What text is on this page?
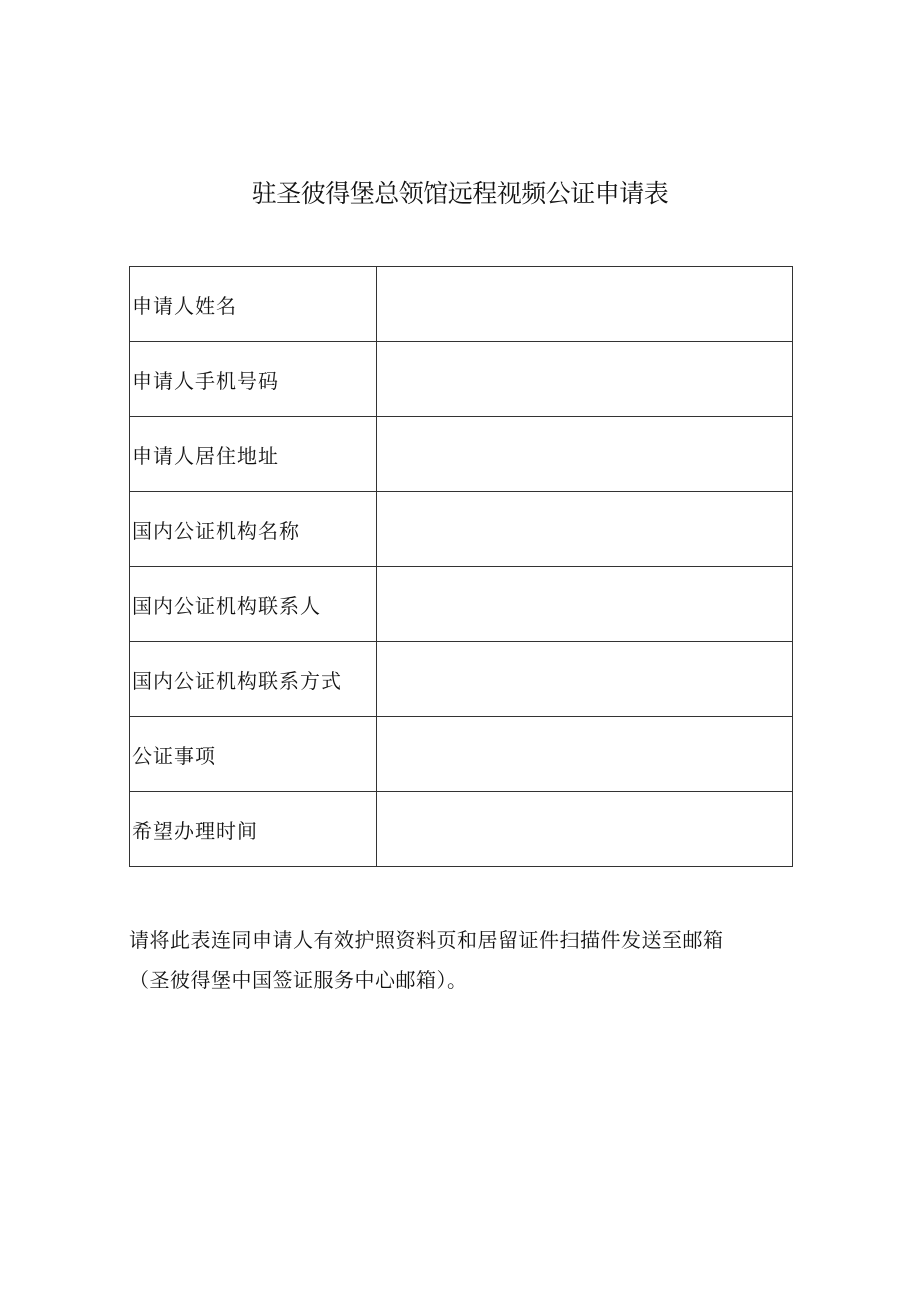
驻圣彼得堡总领馆远程视频公证申请表
申请人姓名	
申请人手机号码	
申请人居住地址	
国内公证机构名称	
国内公证机构联系人	
国内公证机构联系方式	
公证事项	
希望办理时间	

请将此表连同申请人有效护照资料页和居留证件扫描件发送至邮箱
（圣彼得堡中国签证服务中心邮箱）。
